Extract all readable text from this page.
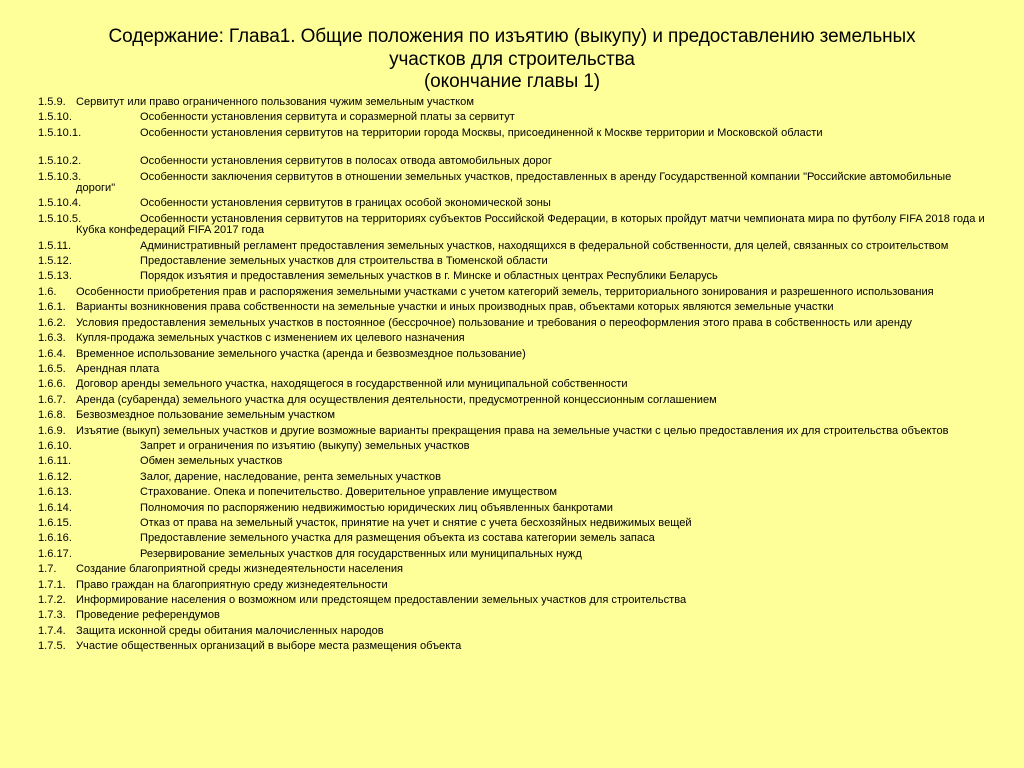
Содержание: Глава1. Общие положения по изъятию (выкупу) и предоставлению земельных
участков для строительства
(окончание главы 1)
1.5.9. Сервитут или право ограниченного пользования чужим земельным участком
1.5.10.	Особенности установления сервитута и соразмерной платы за сервитут
1.5.10.1.	Особенности установления сервитутов на территории города Москвы, присоединенной к Москве территории и Московской области
1.5.10.2.	Особенности установления сервитутов в полосах отвода автомобильных дорог
1.5.10.3.	Особенности заключения сервитутов в отношении земельных участков, предоставленных в аренду Государственной компании "Российские автомобильные дороги"
1.5.10.4.	Особенности установления сервитутов в границах особой экономической зоны
1.5.10.5.	Особенности установления сервитутов на территориях субъектов Российской Федерации, в которых пройдут матчи чемпионата мира по футболу FIFA 2018 года и Кубка конфедераций FIFA 2017 года
1.5.11.	Административный регламент предоставления земельных участков, находящихся в федеральной собственности, для целей, связанных со строительством
1.5.12.	Предоставление земельных участков для строительства в Тюменской области
1.5.13.	Порядок изъятия и предоставления земельных участков в г. Минске и областных центрах Республики Беларусь
1.6. Особенности приобретения прав и распоряжения земельными участками с учетом категорий земель, территориального зонирования и разрешенного использования
1.6.1. Варианты возникновения права собственности на земельные участки и иных производных прав, объектами которых являются земельные участки
1.6.2. Условия предоставления земельных участков в постоянное (бессрочное) пользование и требования о переоформления этого права в собственность или аренду
1.6.3. Купля-продажа земельных участков с изменением их целевого назначения
1.6.4. Временное использование земельного участка (аренда и безвозмездное пользование)
1.6.5. Арендная плата
1.6.6. Договор аренды земельного участка, находящегося в государственной или муниципальной собственности
1.6.7. Аренда (субаренда) земельного участка для осуществления деятельности, предусмотренной концессионным соглашением
1.6.8. Безвозмездное пользование земельным участком
1.6.9. Изъятие (выкуп) земельных участков и другие возможные варианты прекращения права на земельные участки с целью предоставления их для строительства объектов
1.6.10.	Запрет и ограничения по изъятию (выкупу) земельных участков
1.6.11.	Обмен земельных участков
1.6.12.	Залог, дарение, наследование, рента земельных участков
1.6.13.	Страхование. Опека и попечительство. Доверительное управление имуществом
1.6.14.	Полномочия по распоряжению недвижимостью юридических лиц объявленных банкротами
1.6.15.	Отказ от права на земельный участок, принятие на учет и снятие с учета бесхозяйных недвижимых вещей
1.6.16.	Предоставление земельного участка для размещения объекта из состава категории земель запаса
1.6.17.	Резервирование земельных участков для государственных или муниципальных нужд
1.7. Создание благоприятной среды жизнедеятельности населения
1.7.1. Право граждан на благоприятную среду жизнедеятельности
1.7.2. Информирование населения о возможном или предстоящем предоставлении земельных участков для строительства
1.7.3. Проведение референдумов
1.7.4. Защита исконной среды обитания малочисленных народов
1.7.5. Участие общественных организаций в выборе места размещения объекта
